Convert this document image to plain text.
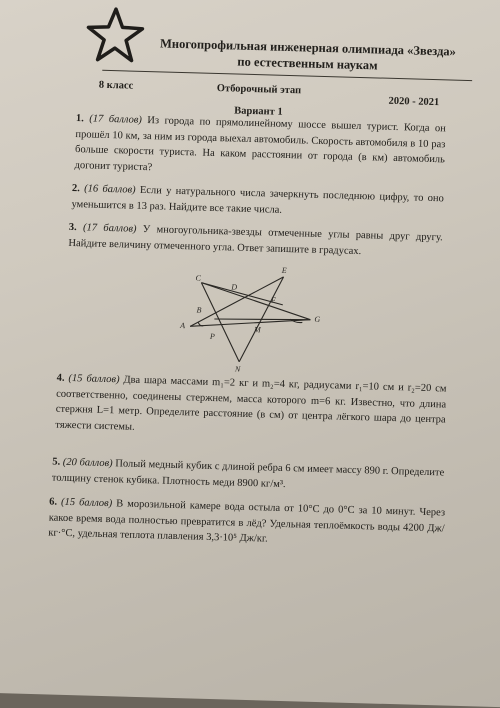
Многопрофильная инженерная олимпиада «Звезда»
по естественным наукам
8 класс	Отборочный этап
2020 - 2021
Вариант 1
1. (17 баллов) Из города по прямолинейному шоссе вышел турист. Когда он прошёл 10 км, за ним из города выехал автомобиль. Скорость автомобиля в 10 раз больше скорости туриста. На каком расстоянии от города (в км) автомобиль догонит туриста?
2. (16 баллов) Если у натурального числа зачеркнуть последнюю цифру, то оно уменьшится в 13 раз. Найдите все такие числа.
3. (17 баллов) У многоугольника-звезды отмеченные углы равны друг другу. Найдите величину отмеченного угла. Ответ запишите в градусах.
C
D
E
F
G
B
M
A
P
N
4. (15 баллов) Два шара массами m₁=2 кг и m₂=4 кг, радиусами r₁=10 см и r₂=20 см соответственно, соединены стержнем, масса которого m=6 кг. Известно, что длина стержня L=1 метр. Определите расстояние (в см) от центра лёгкого шара до центра тяжести системы.
5. (20 баллов) Полый медный кубик с длиной ребра 6 см имеет массу 890 г. Определите толщину стенок кубика. Плотность меди 8900 кг/м³.
6. (15 баллов) В морозильной камере вода остыла от 10°С до 0°С за 10 минут. Через какое время вода полностью превратится в лёд? Удельная теплоёмкость воды 4200 Дж/кг·°С, удельная теплота плавления 3,3·10⁵ Дж/кг.
